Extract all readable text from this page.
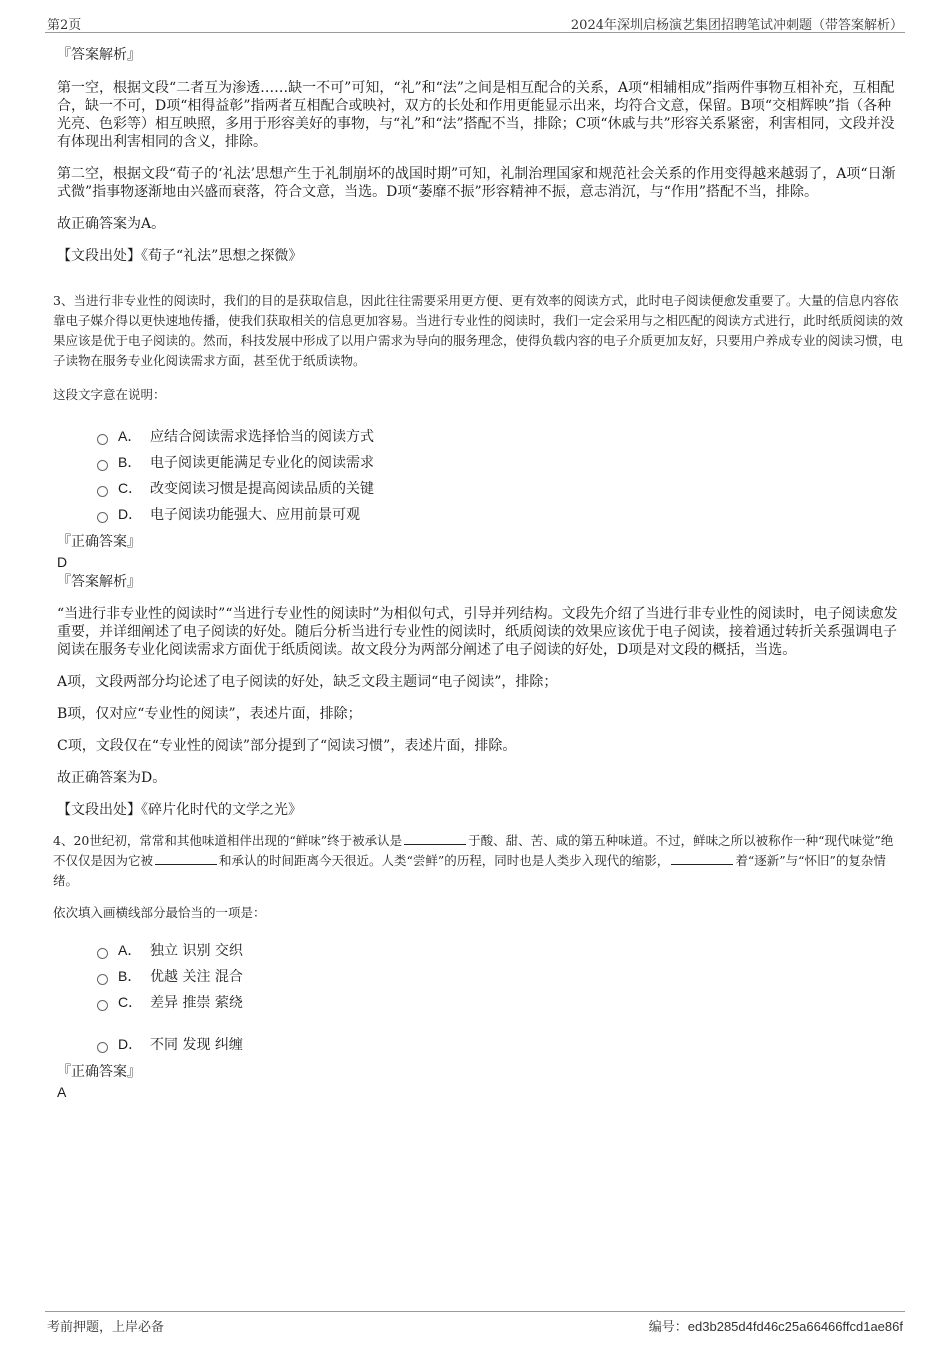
第2页	2024年深圳启杨演艺集团招聘笔试冲刺题（带答案解析）

『答案解析』

第一空，根据文段“二者互为渗透……缺一不可”可知，“礼”和“法”之间是相互配合的关系，A项“相辅相成”指两件事物互相补充，互相配合，缺一不可，D项“相得益彰”指两者互相配合或映衬，双方的长处和作用更能显示出来，均符合文意，保留。B项“交相辉映”指（各种光亮、色彩等）相互映照，多用于形容美好的事物，与“礼”和“法”搭配不当，排除；C项“休戚与共”形容关系紧密，利害相同，文段并没有体现出利害相同的含义，排除。

第二空，根据文段“荀子的‘礼法’思想产生于礼制崩坏的战国时期”可知，礼制治理国家和规范社会关系的作用变得越来越弱了，A项“日渐式微”指事物逐渐地由兴盛而衰落，符合文意，当选。D项“萎靡不振”形容精神不振，意志消沉，与“作用”搭配不当，排除。

故正确答案为A。

【文段出处】《荀子“礼法”思想之探微》

3、当进行非专业性的阅读时，我们的目的是获取信息，因此往往需要采用更方便、更有效率的阅读方式，此时电子阅读便愈发重要了。大量的信息内容依靠电子媒介得以更快速地传播，使我们获取相关的信息更加容易。当进行专业性的阅读时，我们一定会采用与之相匹配的阅读方式进行，此时纸质阅读的效果应该是优于电子阅读的。然而，科技发展中形成了以用户需求为导向的服务理念，使得负载内容的电子介质更加友好，只要用户养成专业的阅读习惯，电子读物在服务专业化阅读需求方面，甚至优于纸质读物。

这段文字意在说明：

A． 应结合阅读需求选择恰当的阅读方式
B． 电子阅读更能满足专业化的阅读需求
C． 改变阅读习惯是提高阅读品质的关键
D． 电子阅读功能强大、应用前景可观

『正确答案』

D

『答案解析』

“当进行非专业性的阅读时”“当进行专业性的阅读时”为相似句式，引导并列结构。文段先介绍了当进行非专业性的阅读时，电子阅读愈发重要，并详细阐述了电子阅读的好处。随后分析当进行专业性的阅读时，纸质阅读的效果应该优于电子阅读，接着通过转折关系强调电子阅读在服务专业化阅读需求方面优于纸质阅读。故文段分为两部分阐述了电子阅读的好处，D项是对文段的概括，当选。

A项，文段两部分均论述了电子阅读的好处，缺乏文段主题词“电子阅读”，排除；

B项，仅对应“专业性的阅读”，表述片面，排除；

C项，文段仅在“专业性的阅读”部分提到了“阅读习惯”，表述片面，排除。

故正确答案为D。

【文段出处】《碎片化时代的文学之光》

4、20世纪初，常常和其他味道相伴出现的“鲜味”终于被承认是	于酸、甜、苦、咸的第五种味道。不过，鲜味之所以被称作一种“现代味觉”绝不仅仅是因为它被	和承认的时间距离今天很近。人类“尝鲜”的历程，同时也是人类步入现代的缩影，	着“逐新”与“怀旧”的复杂情绪。

依次填入画横线部分最恰当的一项是：

A． 独立 识别 交织
B． 优越 关注 混合
C． 差异 推崇 萦绕
D． 不同 发现 纠缠

『正确答案』

A

考前押题，上岸必备	编号：ed3b285d4fd46c25a66466ffcd1ae86f
